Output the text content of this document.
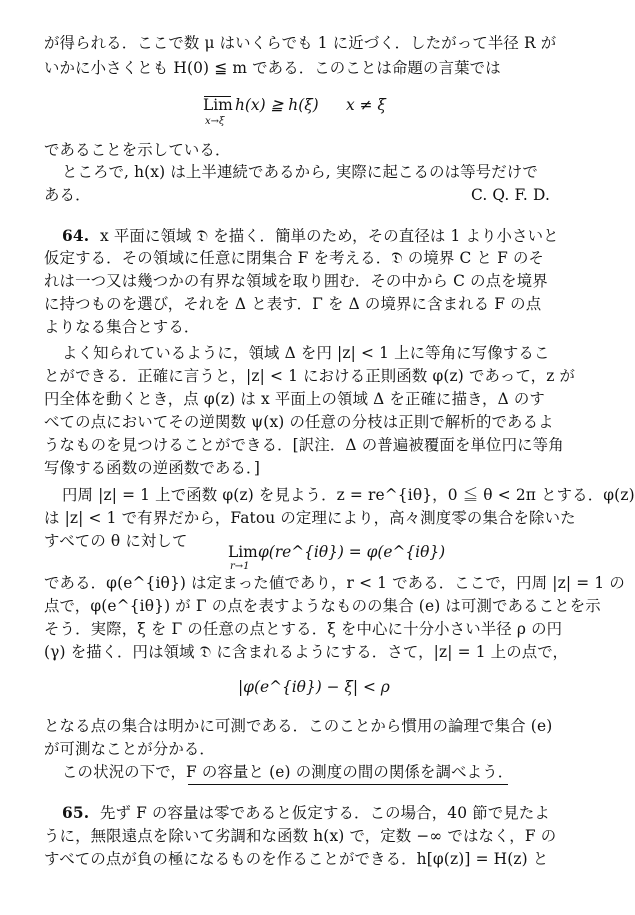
が得られる．ここで数 μ はいくらでも 1 に近づく．したがって半径 R が
いかに小さくとも H(0) ≦ m である．このことは命題の言葉では
Lim
x→ξ
h(x) ≧ h(ξ) x ≠ ξ
であることを示している．
ところで, h(x) は上半連続であるから, 実際に起こるのは等号だけで
ある．	C. Q. F. D.
64. x 平面に領域 𝔇 を描く．簡単のため，その直径は 1 より小さいと
仮定する．その領域に任意に閉集合 F を考える．𝔇 の境界 C と F のそ
れは一つ又は幾つかの有界な領域を取り囲む．その中から C の点を境界
に持つものを選び，それを Δ と表す．Γ を Δ の境界に含まれる F の点
よりなる集合とする．
よく知られているように，領域 Δ を円 |z| < 1 上に等角に写像するこ
とができる．正確に言うと，|z| < 1 における正則函数 φ(z) であって，z が
円全体を動くとき，点 φ(z) は x 平面上の領域 Δ を正確に描き，Δ のす
べての点においてその逆関数 ψ(x) の任意の分枝は正則で解析的であるよ
うなものを見つけることができる．[訳注．Δ の普遍被覆面を単位円に等角
写像する函数の逆函数である．]
円周 |z| = 1 上で函数 φ(z) を見よう．z = re^{iθ}，0 ≦ θ < 2π とする．φ(z)
は |z| < 1 で有界だから，Fatou の定理により，高々測度零の集合を除いた
すべての θ に対して
Lim
r→1
φ(re^{iθ}) = φ(e^{iθ})
である．φ(e^{iθ}) は定まった値であり，r < 1 である．ここで，円周 |z| = 1 の
点で，φ(e^{iθ}) が Γ の点を表すようなものの集合 (e) は可測であることを示
そう．実際，ξ を Γ の任意の点とする．ξ を中心に十分小さい半径 ρ の円
(γ) を描く．円は領域 𝔇 に含まれるようにする．さて，|z| = 1 上の点で，
|φ(e^{iθ}) − ξ| < ρ
となる点の集合は明かに可測である．このことから慣用の論理で集合 (e)
が可測なことが分かる．
この状況の下で，F の容量と (e) の測度の間の関係を調べよう．
65. 先ず F の容量は零であると仮定する．この場合，40 節で見たよ
うに，無限遠点を除いて劣調和な函数 h(x) で，定数 −∞ ではなく，F の
すべての点が負の極になるものを作ることができる．h[φ(z)] = H(z) と
